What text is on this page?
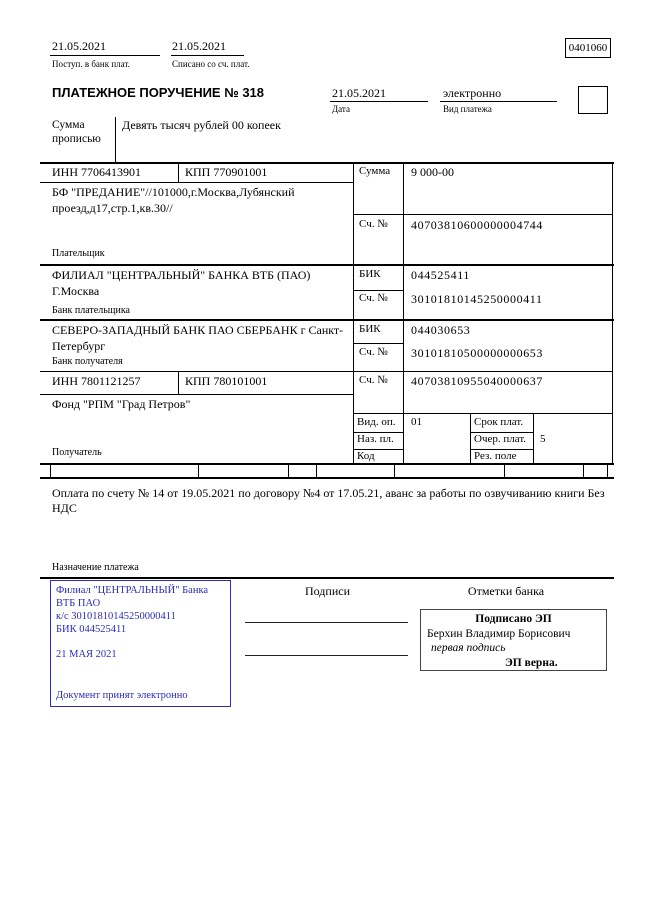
21.05.2021
Поступ. в банк плат.
21.05.2021
Списано со сч. плат.
0401060
ПЛАТЕЖНОЕ ПОРУЧЕНИЕ № 318	21.05.2021
Дата
электронно
Вид платежа
Сумма прописью
Девять тысяч рублей 00 копеек
ИНН 7706413901	КПП 770901001	Сумма 9 000-00
БФ "ПРЕДАНИЕ"//101000,г.Москва,Лубянский проезд,д17,стр.1,кв.30//
Сч. № 40703810600000004744
Плательщик
ФИЛИАЛ "ЦЕНТРАЛЬНЫЙ" БАНКА ВТБ (ПАО) Г.Москва
Банк плательщика
БИК	044525411
Сч. № 30101810145250000411
СЕВЕРО-ЗАПАДНЫЙ БАНК ПАО СБЕРБАНК г Санкт-Петербург
Банк получателя
БИК	044030653
Сч. № 30101810500000000653
ИНН 7801121257	КПП 780101001	Сч. № 40703810955040000637
Фонд "РПМ "Град Петров"
Получатель
Вид. оп. 01	Срок плат.
Наз. пл.	Очер. плат. 5
Код	Рез. поле
Оплата по счету № 14 от 19.05.2021 по договору №4 от 17.05.21, аванс за работы по озвучиванию книги Без НДС
Назначение платежа
Подписи	Отметки банка
Филиал "ЦЕНТРАЛЬНЫЙ" Банка ВТБ ПАО
к/с 30101810145250000411
БИК 044525411
21 МАЯ 2021
Документ принят электронно
Подписано ЭП
Берхин Владимир Борисович
первая подпись
ЭП верна.
